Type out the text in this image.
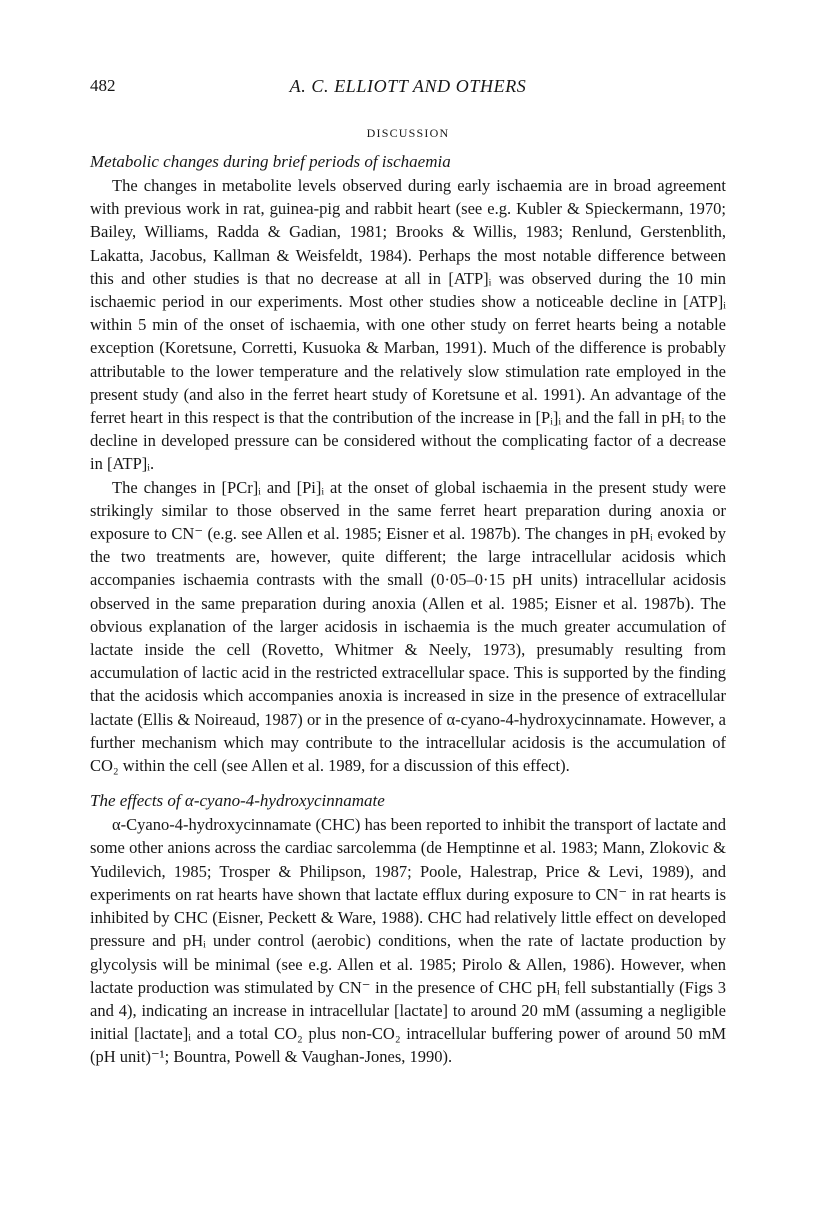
482	A. C. ELLIOTT AND OTHERS
DISCUSSION
Metabolic changes during brief periods of ischaemia

The changes in metabolite levels observed during early ischaemia are in broad agreement with previous work in rat, guinea-pig and rabbit heart (see e.g. Kubler & Spieckermann, 1970; Bailey, Williams, Radda & Gadian, 1981; Brooks & Willis, 1983; Renlund, Gerstenblith, Lakatta, Jacobus, Kallman & Weisfeldt, 1984). Perhaps the most notable difference between this and other studies is that no decrease at all in [ATP]ᵢ was observed during the 10 min ischaemic period in our experiments. Most other studies show a noticeable decline in [ATP]ᵢ within 5 min of the onset of ischaemia, with one other study on ferret hearts being a notable exception (Koretsune, Corretti, Kusuoka & Marban, 1991). Much of the difference is probably attributable to the lower temperature and the relatively slow stimulation rate employed in the present study (and also in the ferret heart study of Koretsune et al. 1991). An advantage of the ferret heart in this respect is that the contribution of the increase in [Pᵢ]ᵢ and the fall in pHᵢ to the decline in developed pressure can be considered without the complicating factor of a decrease in [ATP]ᵢ.

The changes in [PCr]ᵢ and [Pi]ᵢ at the onset of global ischaemia in the present study were strikingly similar to those observed in the same ferret heart preparation during anoxia or exposure to CN⁻ (e.g. see Allen et al. 1985; Eisner et al. 1987b). The changes in pHᵢ evoked by the two treatments are, however, quite different; the large intracellular acidosis which accompanies ischaemia contrasts with the small (0·05–0·15 pH units) intracellular acidosis observed in the same preparation during anoxia (Allen et al. 1985; Eisner et al. 1987b). The obvious explanation of the larger acidosis in ischaemia is the much greater accumulation of lactate inside the cell (Rovetto, Whitmer & Neely, 1973), presumably resulting from accumulation of lactic acid in the restricted extracellular space. This is supported by the finding that the acidosis which accompanies anoxia is increased in size in the presence of extracellular lactate (Ellis & Noireaud, 1987) or in the presence of α-cyano-4-hydroxycinnamate. However, a further mechanism which may contribute to the intracellular acidosis is the accumulation of CO₂ within the cell (see Allen et al. 1989, for a discussion of this effect).

The effects of α-cyano-4-hydroxycinnamate

α-Cyano-4-hydroxycinnamate (CHC) has been reported to inhibit the transport of lactate and some other anions across the cardiac sarcolemma (de Hemptinne et al. 1983; Mann, Zlokovic & Yudilevich, 1985; Trosper & Philipson, 1987; Poole, Halestrap, Price & Levi, 1989), and experiments on rat hearts have shown that lactate efflux during exposure to CN⁻ in rat hearts is inhibited by CHC (Eisner, Peckett & Ware, 1988). CHC had relatively little effect on developed pressure and pHᵢ under control (aerobic) conditions, when the rate of lactate production by glycolysis will be minimal (see e.g. Allen et al. 1985; Pirolo & Allen, 1986). However, when lactate production was stimulated by CN⁻ in the presence of CHC pHᵢ fell substantially (Figs 3 and 4), indicating an increase in intracellular [lactate] to around 20 mM (assuming a negligible initial [lactate]ᵢ and a total CO₂ plus non-CO₂ intracellular buffering power of around 50 mM (pH unit)⁻¹; Bountra, Powell & Vaughan-Jones, 1990).
